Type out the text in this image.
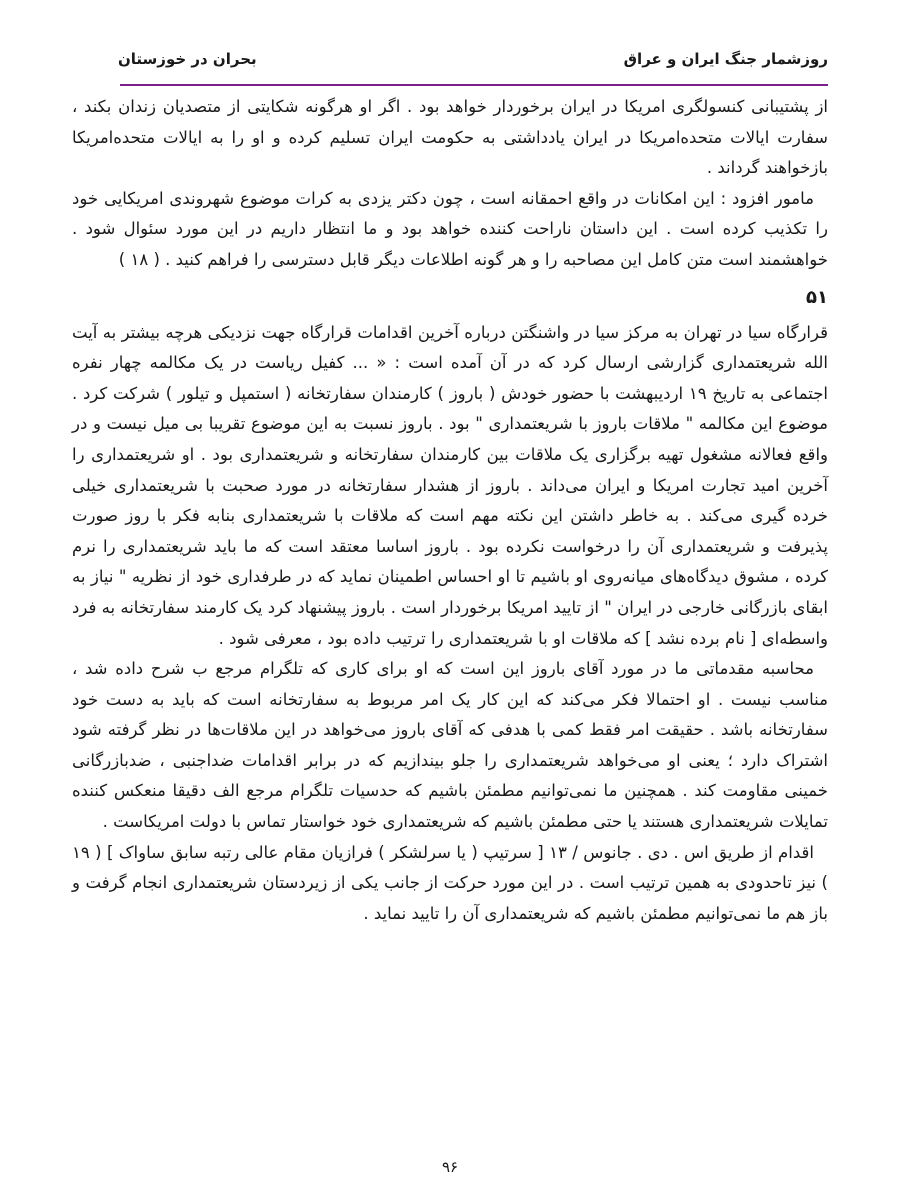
روزشمار جنگ ایران و عراق
بحران در خوزستان

از پشتیبانی کنسولگری امریکا در ایران برخوردار خواهد بود . اگر او هرگونه شکایتی از متصدیان زندان بکند ، سفارت ایالات متحده‌امریکا در ایران یادداشتی به حکومت ایران تسلیم کرده و او را به ایالات متحده‌امریکا بازخواهند گرداند .

مامور افزود : این امکانات در واقع احمقانه است ، چون دکتر یزدی به کرات موضوع شهروندی امریکایی خود را تکذیب کرده است . این داستان ناراحت کننده خواهد بود و ما انتظار داریم در این مورد سئوال شود . خواهشمند است متن کامل این مصاحبه را و هر گونه اطلاعات دیگر قابل دسترسی را فراهم کنید . ( ۱۸ )

۵۱

قرارگاه سیا در تهران به مرکز سیا در واشنگتن درباره آخرین اقدامات قرارگاه جهت نزدیکی هرچه بیشتر به آیت الله شریعتمداری گزارشی ارسال کرد که در آن آمده است : « ... کفیل ریاست در یک مکالمه چهار نفره اجتماعی به تاریخ ۱۹ اردیبهشت با حضور خودش ( باروز ) کارمندان سفارتخانه ( استمپل و تیلور ) شرکت کرد . موضوع این مکالمه " ملاقات باروز با شریعتمداری " بود . باروز نسبت به این موضوع تقریبا بی میل نیست و در واقع فعالانه مشغول تهیه برگزاری یک ملاقات بین کارمندان سفارتخانه و شریعتمداری بود . او شریعتمداری را آخرین امید تجارت امریکا و ایران می‌داند . باروز از هشدار سفارتخانه در مورد صحبت با شریعتمداری خیلی خرده گیری می‌کند . به خاطر داشتن این نکته مهم است که ملاقات با شریعتمداری بنابه فکر با روز صورت پذیرفت و شریعتمداری آن را درخواست نکرده بود . باروز اساسا معتقد است که ما باید شریعتمداری را نرم کرده ، مشوق دیدگاه‌های میانه‌روی او باشیم تا او احساس اطمینان نماید که در طرفداری خود از نظریه " نیاز به ابقای بازرگانی خارجی در ایران " از تایید امریکا برخوردار است . باروز پیشنهاد کرد یک کارمند سفارتخانه به فرد واسطه‌ای [ نام برده نشد ] که ملاقات او با شریعتمداری را ترتیب داده بود ، معرفی شود .

محاسبه مقدماتی ما در مورد آقای باروز این است که او برای کاری که تلگرام مرجع ب شرح داده شد ، مناسب نیست . او احتمالا فکر می‌کند که این کار یک امر مربوط به سفارتخانه است که باید به دست خود سفارتخانه باشد . حقیقت امر فقط کمی با هدفی که آقای باروز می‌خواهد در این ملاقات‌ها در نظر گرفته شود اشتراک دارد ؛ یعنی او می‌خواهد شریعتمداری را جلو بیندازیم که در برابر اقدامات ضداجنبی ، ضدبازرگانی خمینی مقاومت کند . همچنین ما نمی‌توانیم مطمئن باشیم که حدسیات تلگرام مرجع الف دقیقا منعکس کننده تمایلات شریعتمداری هستند یا حتی مطمئن باشیم که شریعتمداری خود خواستار تماس با دولت امریکاست .

اقدام از طریق اس . دی . جانوس / ۱۳ [ سرتیپ ( یا سرلشکر ) فرازیان مقام عالی رتبه سابق ساواک ] ( ۱۹ ) نیز تاحدودی به همین ترتیب است . در این مورد حرکت از جانب یکی از زیردستان شریعتمداری انجام گرفت و باز هم ما نمی‌توانیم مطمئن باشیم که شریعتمداری آن را تایید نماید .

۹۶
